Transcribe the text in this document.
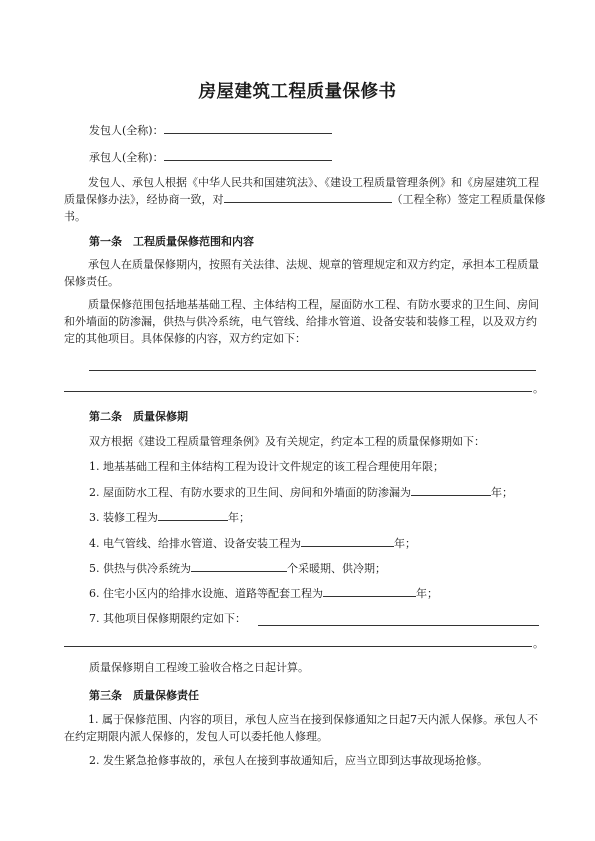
房屋建筑工程质量保修书
发包人(全称)：
承包人(全称)：
发包人、承包人根据《中华人民共和国建筑法》、《建设工程质量管理条例》和《房屋建筑工程质量保修办法》，经协商一致，对	（工程全称）签定工程质量保修书。
第一条　工程质量保修范围和内容
承包人在质量保修期内，按照有关法律、法规、规章的管理规定和双方约定，承担本工程质量保修责任。
质量保修范围包括地基基础工程、主体结构工程，屋面防水工程、有防水要求的卫生间、房间和外墙面的防渗漏，供热与供冷系统，电气管线、给排水管道、设备安装和装修工程，以及双方约定的其他项目。具体保修的内容，双方约定如下：
。
第二条　质量保修期
双方根据《建设工程质量管理条例》及有关规定，约定本工程的质量保修期如下：
1. 地基基础工程和主体结构工程为设计文件规定的该工程合理使用年限；
2. 屋面防水工程、有防水要求的卫生间、房间和外墙面的防渗漏为	年；
3. 装修工程为	年；
4. 电气管线、给排水管道、设备安装工程为	年；
5. 供热与供冷系统为	个采暖期、供冷期；
6. 住宅小区内的给排水设施、道路等配套工程为	年；
7. 其他项目保修期限约定如下：
。
质量保修期自工程竣工验收合格之日起计算。
第三条　质量保修责任
1. 属于保修范围、内容的项目，承包人应当在接到保修通知之日起7天内派人保修。承包人不在约定期限内派人保修的，发包人可以委托他人修理。
2. 发生紧急抢修事故的，承包人在接到事故通知后，应当立即到达事故现场抢修。
